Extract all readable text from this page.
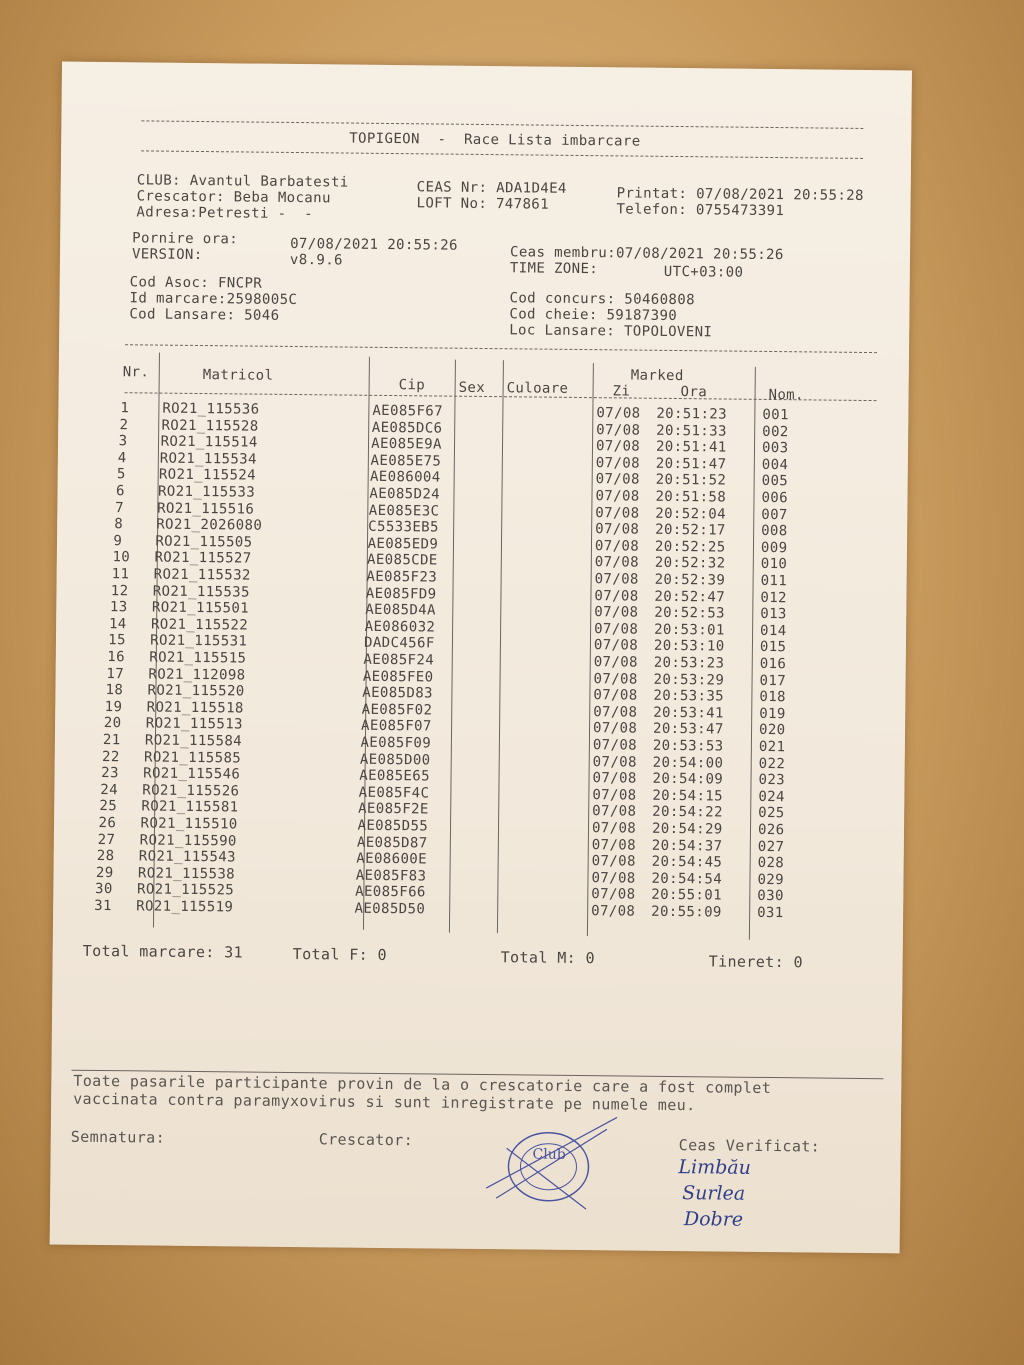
TOPIGEON  -  Race Lista imbarcare
CLUB: Avantul Barbatesti
Crescator: Beba Mocanu
Adresa:Petresti -  -
CEAS Nr: ADA1D4E4
LOFT No: 747861
Printat: 07/08/2021 20:55:28
Telefon: 0755473391
Pornire ora:	07/08/2021 20:55:26
VERSION:	v8.9.6	Ceas membru:07/08/2021 20:55:26
TIME ZONE:	UTC+03:00
Cod Asoc: FNCPR
Id marcare:2598005C
Cod Lansare: 5046
Cod concurs: 50460808
Cod cheie: 59187390
Loc Lansare: TOPOLOVENI
Nr.	Matricol
Cip Sex Culoare
Marked
Zi	Ora	Nom.
1 RO21_115536	AE085F67	07/08 20:51:23	001
2 RO21_115528	AE085DC6	07/08 20:51:33	002
3 RO21_115514	AE085E9A	07/08 20:51:41	003
4 RO21_115534	AE085E75	07/08 20:51:47	004
5 RO21_115524	AE086004	07/08 20:51:52	005
6 RO21_115533	AE085D24	07/08 20:51:58	006
7 RO21_115516	AE085E3C	07/08 20:52:04	007
8 RO21_2026080	C5533EB5	07/08 20:52:17	008
9 RO21_115505	AE085ED9	07/08 20:52:25	009
10 RO21_115527	AE085CDE	07/08 20:52:32	010
11 RO21_115532	AE085F23	07/08 20:52:39	011
12 RO21_115535	AE085FD9	07/08 20:52:47	012
13 RO21_115501	AE085D4A	07/08 20:52:53	013
14 RO21_115522	AE086032	07/08 20:53:01	014
15 RO21_115531	DADC456F	07/08 20:53:10	015
16 RO21_115515	AE085F24	07/08 20:53:23	016
17 RO21_112098	AE085FE0	07/08 20:53:29	017
18 RO21_115520	AE085D83	07/08 20:53:35	018
19 RO21_115518	AE085F02	07/08 20:53:41	019
20 RO21_115513	AE085F07	07/08 20:53:47	020
21 RO21_115584	AE085F09	07/08 20:53:53	021
22 RO21_115585	AE085D00	07/08 20:54:00	022
23 RO21_115546	AE085E65	07/08 20:54:09	023
24 RO21_115526	AE085F4C	07/08 20:54:15	024
25 RO21_115581	AE085F2E	07/08 20:54:22	025
26 RO21_115510	AE085D55	07/08 20:54:29	026
27 RO21_115590	AE085D87	07/08 20:54:37	027
28 RO21_115543	AE08600E	07/08 20:54:45	028
29 RO21_115538	AE085F83	07/08 20:54:54	029
30 RO21_115525	AE085F66	07/08 20:55:01	030
31 RO21_115519	AE085D50	07/08 20:55:09	031
Total marcare: 31	Total F: 0	Total M: 0	Tineret: 0
Toate pasarile participante provin de la o crescatorie care a fost complet
vaccinata contra paramyxovirus si sunt inregistrate pe numele meu.
Semnatura:	Crescator:	Ceas Verificat:
Club
Limbău
Surlea
Dobre
